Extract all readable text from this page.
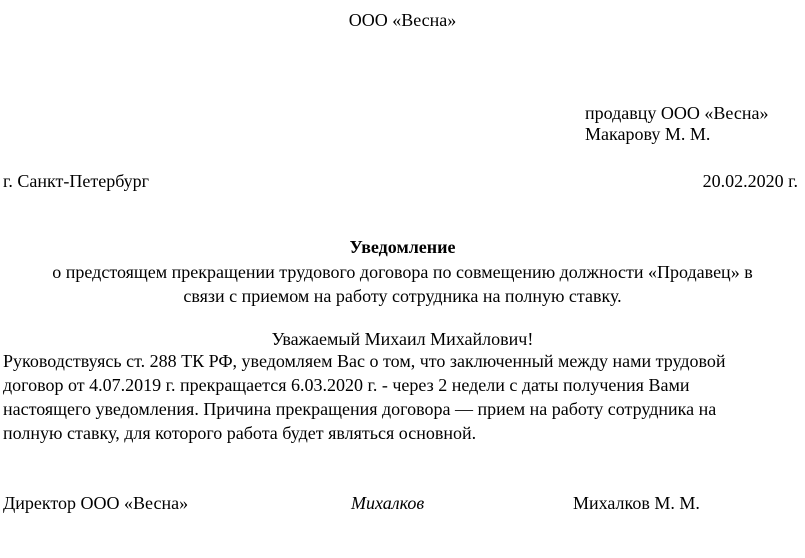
ООО «Весна»
продавцу ООО «Весна»
Макарову М. М.
г. Санкт-Петербург	20.02.2020 г.
Уведомление
о предстоящем прекращении трудового договора по совмещению должности «Продавец» в
связи с приемом на работу сотрудника на полную ставку.
Уважаемый Михаил Михайлович!
Руководствуясь ст. 288 ТК РФ, уведомляем Вас о том, что заключенный между нами трудовой
договор от 4.07.2019 г. прекращается 6.03.2020 г. - через 2 недели с даты получения Вами
настоящего уведомления. Причина прекращения договора — прием на работу сотрудника на
полную ставку, для которого работа будет являться основной.
Директор ООО «Весна»	Михалков	Михалков М. М.
